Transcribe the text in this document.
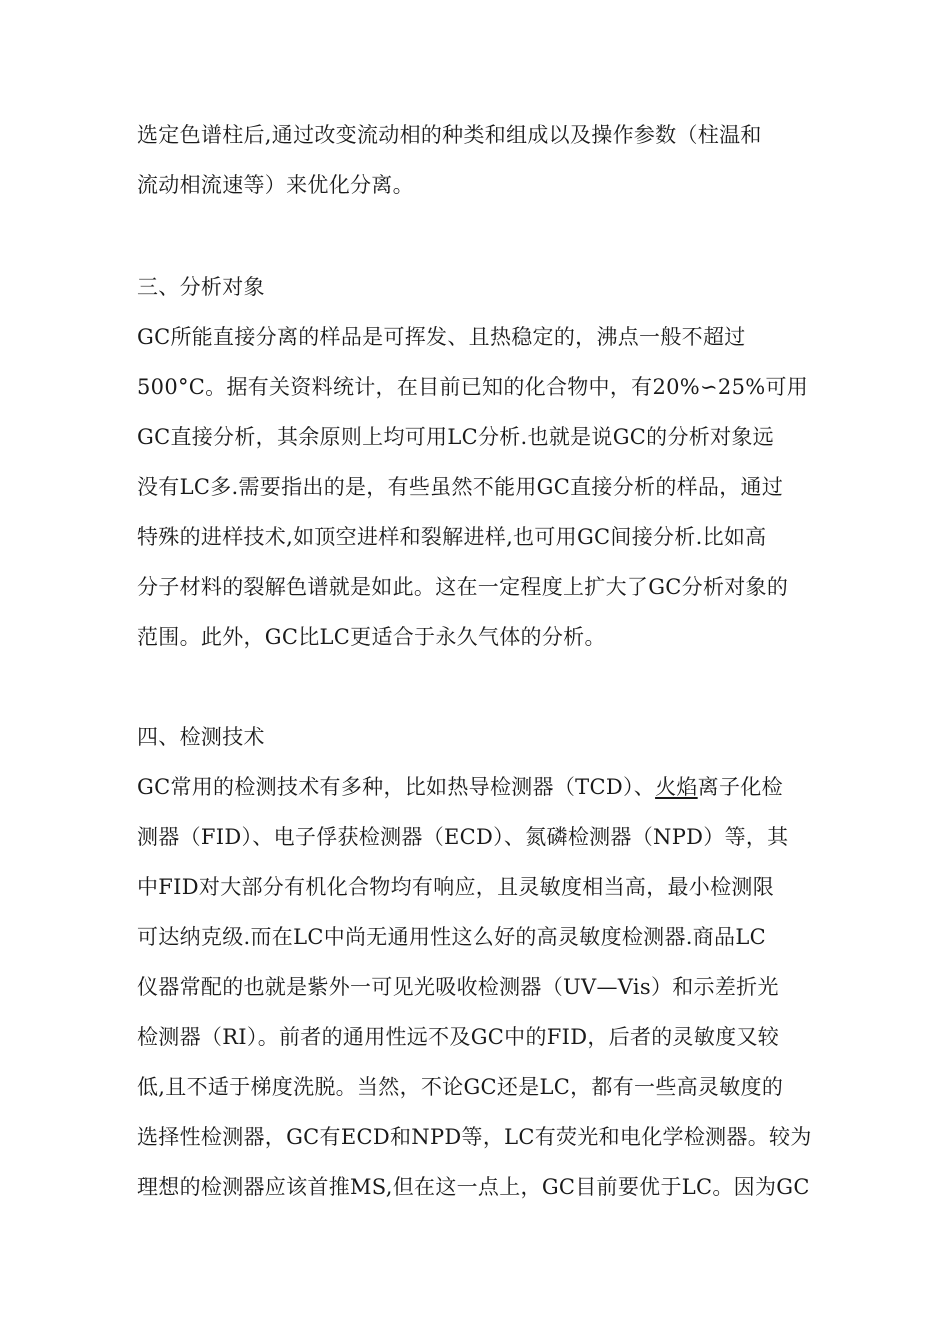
选定色谱柱后,通过改变流动相的种类和组成以及操作参数（柱温和
流动相流速等）来优化分离。
三、分析对象
GC所能直接分离的样品是可挥发、且热稳定的，沸点一般不超过
500°C。据有关资料统计，在目前已知的化合物中，有20%∽25%可用
GC直接分析，其余原则上均可用LC分析.也就是说GC的分析对象远
没有LC多.需要指出的是，有些虽然不能用GC直接分析的样品，通过
特殊的进样技术,如顶空进样和裂解进样,也可用GC间接分析.比如高
分子材料的裂解色谱就是如此。这在一定程度上扩大了GC分析对象的
范围。此外，GC比LC更适合于永久气体的分析。
四、检测技术
GC常用的检测技术有多种，比如热导检测器（TCD）、火焰离子化检
测器（FID）、电子俘获检测器（ECD）、氮磷检测器（NPD）等，其
中FID对大部分有机化合物均有响应，且灵敏度相当高，最小检测限
可达纳克级.而在LC中尚无通用性这么好的高灵敏度检测器.商品LC
仪器常配的也就是紫外一可见光吸收检测器（UV—Vis）和示差折光
检测器（RI）。前者的通用性远不及GC中的FID，后者的灵敏度又较
低,且不适于梯度洗脱。当然，不论GC还是LC，都有一些高灵敏度的
选择性检测器，GC有ECD和NPD等，LC有荧光和电化学检测器。较为
理想的检测器应该首推MS,但在这一点上，GC目前要优于LC。因为GC
